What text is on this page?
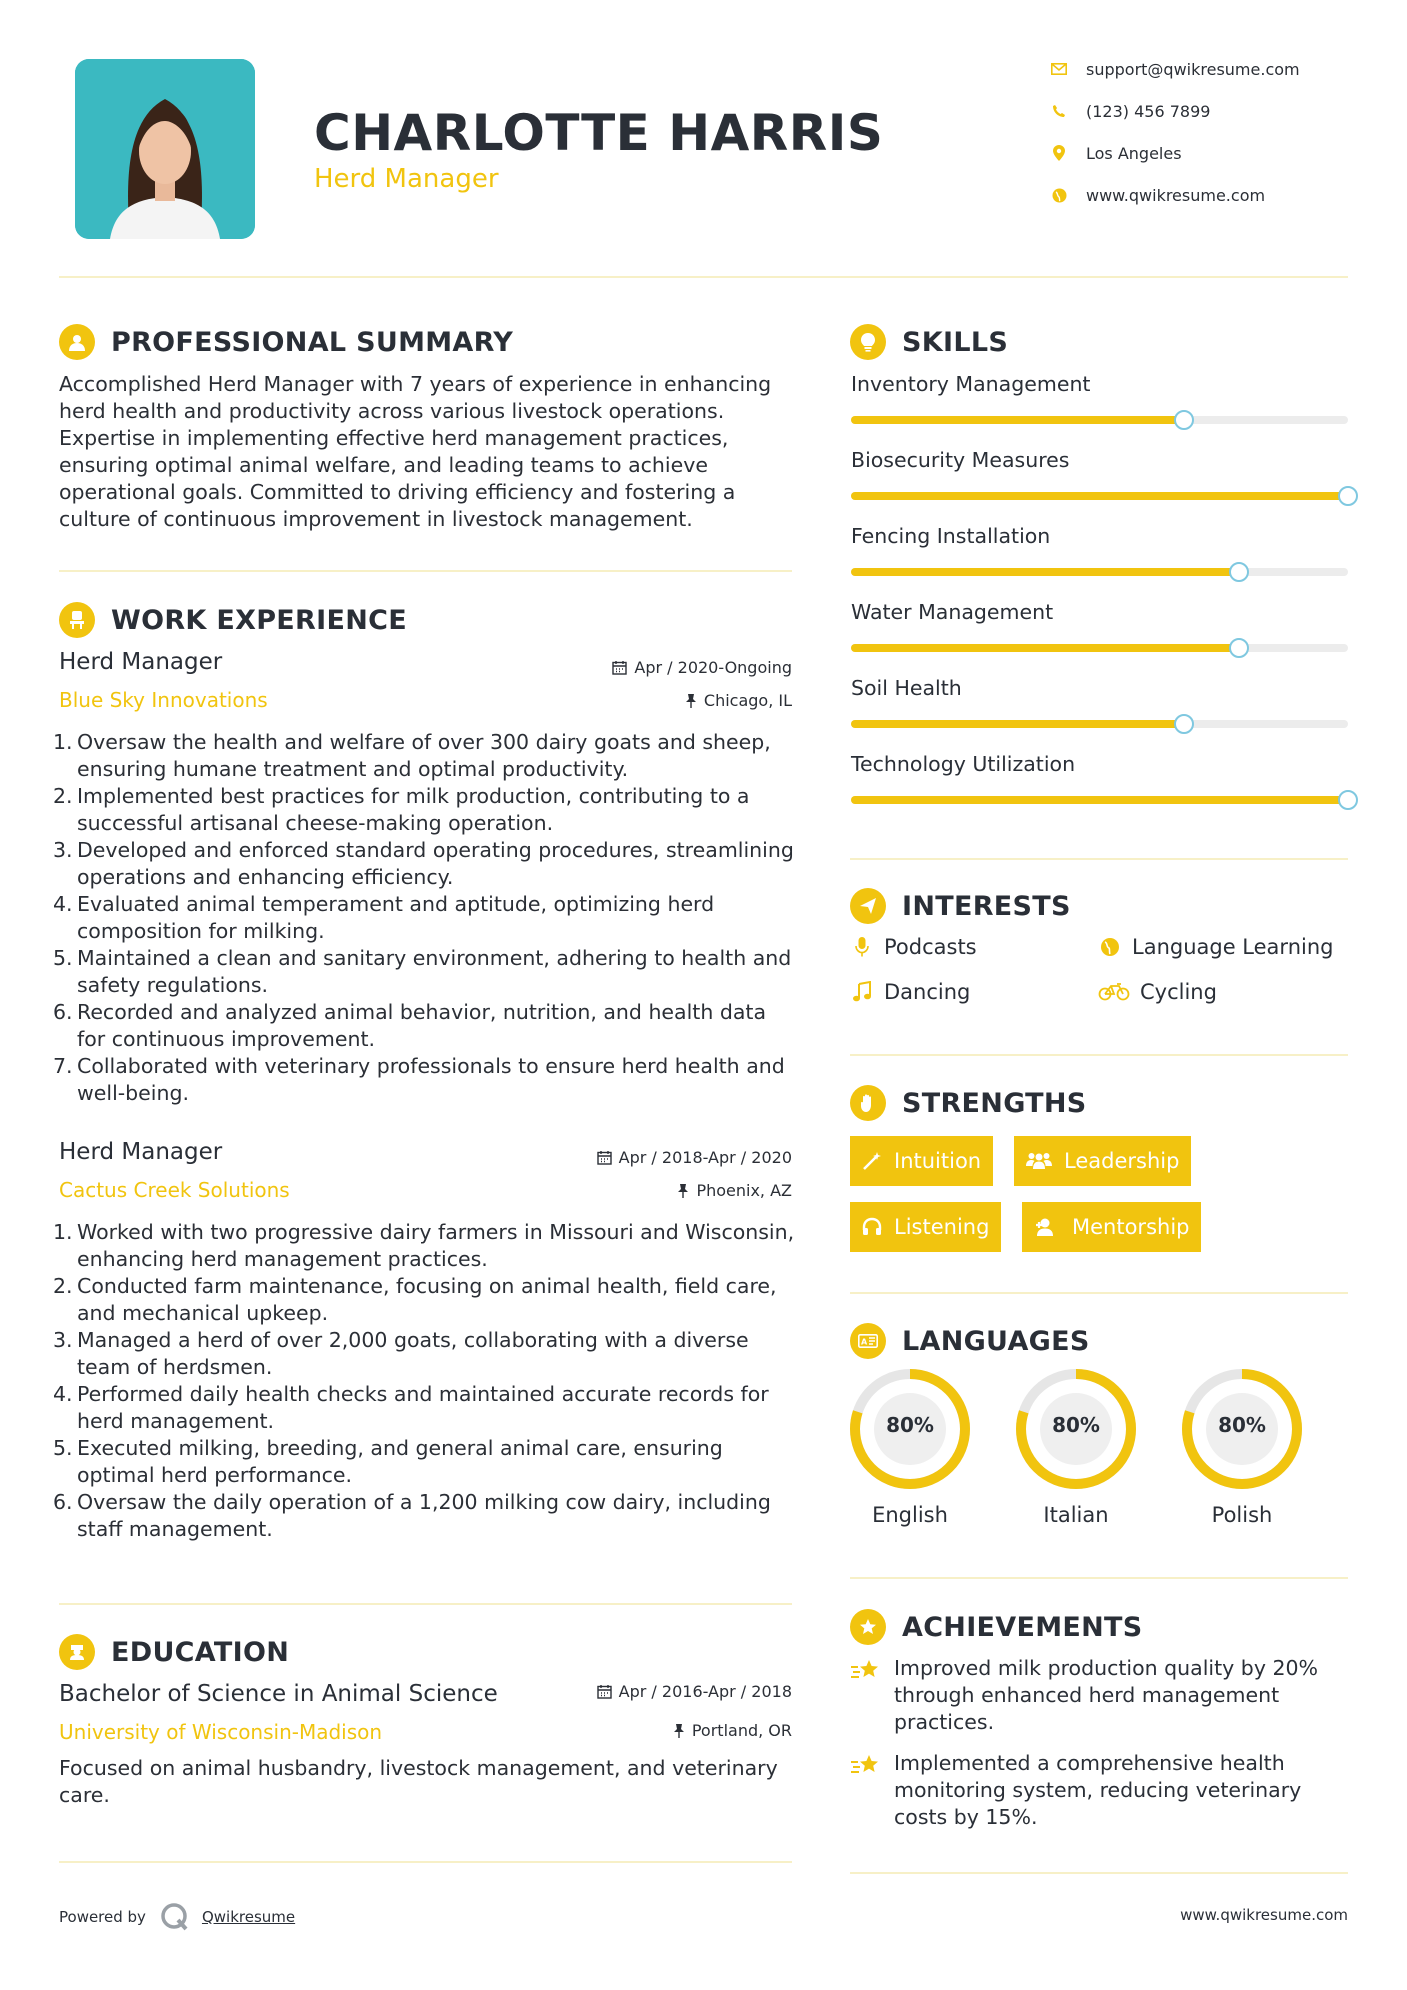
CHARLOTTE HARRIS
Herd Manager
support@qwikresume.com
(123) 456 7899
Los Angeles
www.qwikresume.com
PROFESSIONAL SUMMARY
Accomplished Herd Manager with 7 years of experience in enhancing herd health and productivity across various livestock operations. Expertise in implementing effective herd management practices, ensuring optimal animal welfare, and leading teams to achieve operational goals. Committed to driving efficiency and fostering a culture of continuous improvement in livestock management.
WORK EXPERIENCE
Herd Manager
Blue Sky Innovations
Apr / 2020-Ongoing
Chicago, IL
1. Oversaw the health and welfare of over 300 dairy goats and sheep, ensuring humane treatment and optimal productivity.
2. Implemented best practices for milk production, contributing to a successful artisanal cheese-making operation.
3. Developed and enforced standard operating procedures, streamlining operations and enhancing efficiency.
4. Evaluated animal temperament and aptitude, optimizing herd composition for milking.
5. Maintained a clean and sanitary environment, adhering to health and safety regulations.
6. Recorded and analyzed animal behavior, nutrition, and health data for continuous improvement.
7. Collaborated with veterinary professionals to ensure herd health and well-being.
Herd Manager
Cactus Creek Solutions
Apr / 2018-Apr / 2020
Phoenix, AZ
1. Worked with two progressive dairy farmers in Missouri and Wisconsin, enhancing herd management practices.
2. Conducted farm maintenance, focusing on animal health, field care, and mechanical upkeep.
3. Managed a herd of over 2,000 goats, collaborating with a diverse team of herdsmen.
4. Performed daily health checks and maintained accurate records for herd management.
5. Executed milking, breeding, and general animal care, ensuring optimal herd performance.
6. Oversaw the daily operation of a 1,200 milking cow dairy, including staff management.
EDUCATION
Bachelor of Science in Animal Science
University of Wisconsin-Madison
Apr / 2016-Apr / 2018
Portland, OR
Focused on animal husbandry, livestock management, and veterinary care.
SKILLS
Inventory Management
Biosecurity Measures
Fencing Installation
Water Management
Soil Health
Technology Utilization
INTERESTS
Podcasts	Language Learning
Dancing	Cycling
STRENGTHS
Intuition	Leadership
Listening	Mentorship
A LANGUAGES
80%
English
80%
Italian
80%
Polish
ACHIEVEMENTS
Improved milk production quality by 20% through enhanced herd management practices.
Implemented a comprehensive health monitoring system, reducing veterinary costs by 15%.
Powered by	Qwikresume	www.qwikresume.com
